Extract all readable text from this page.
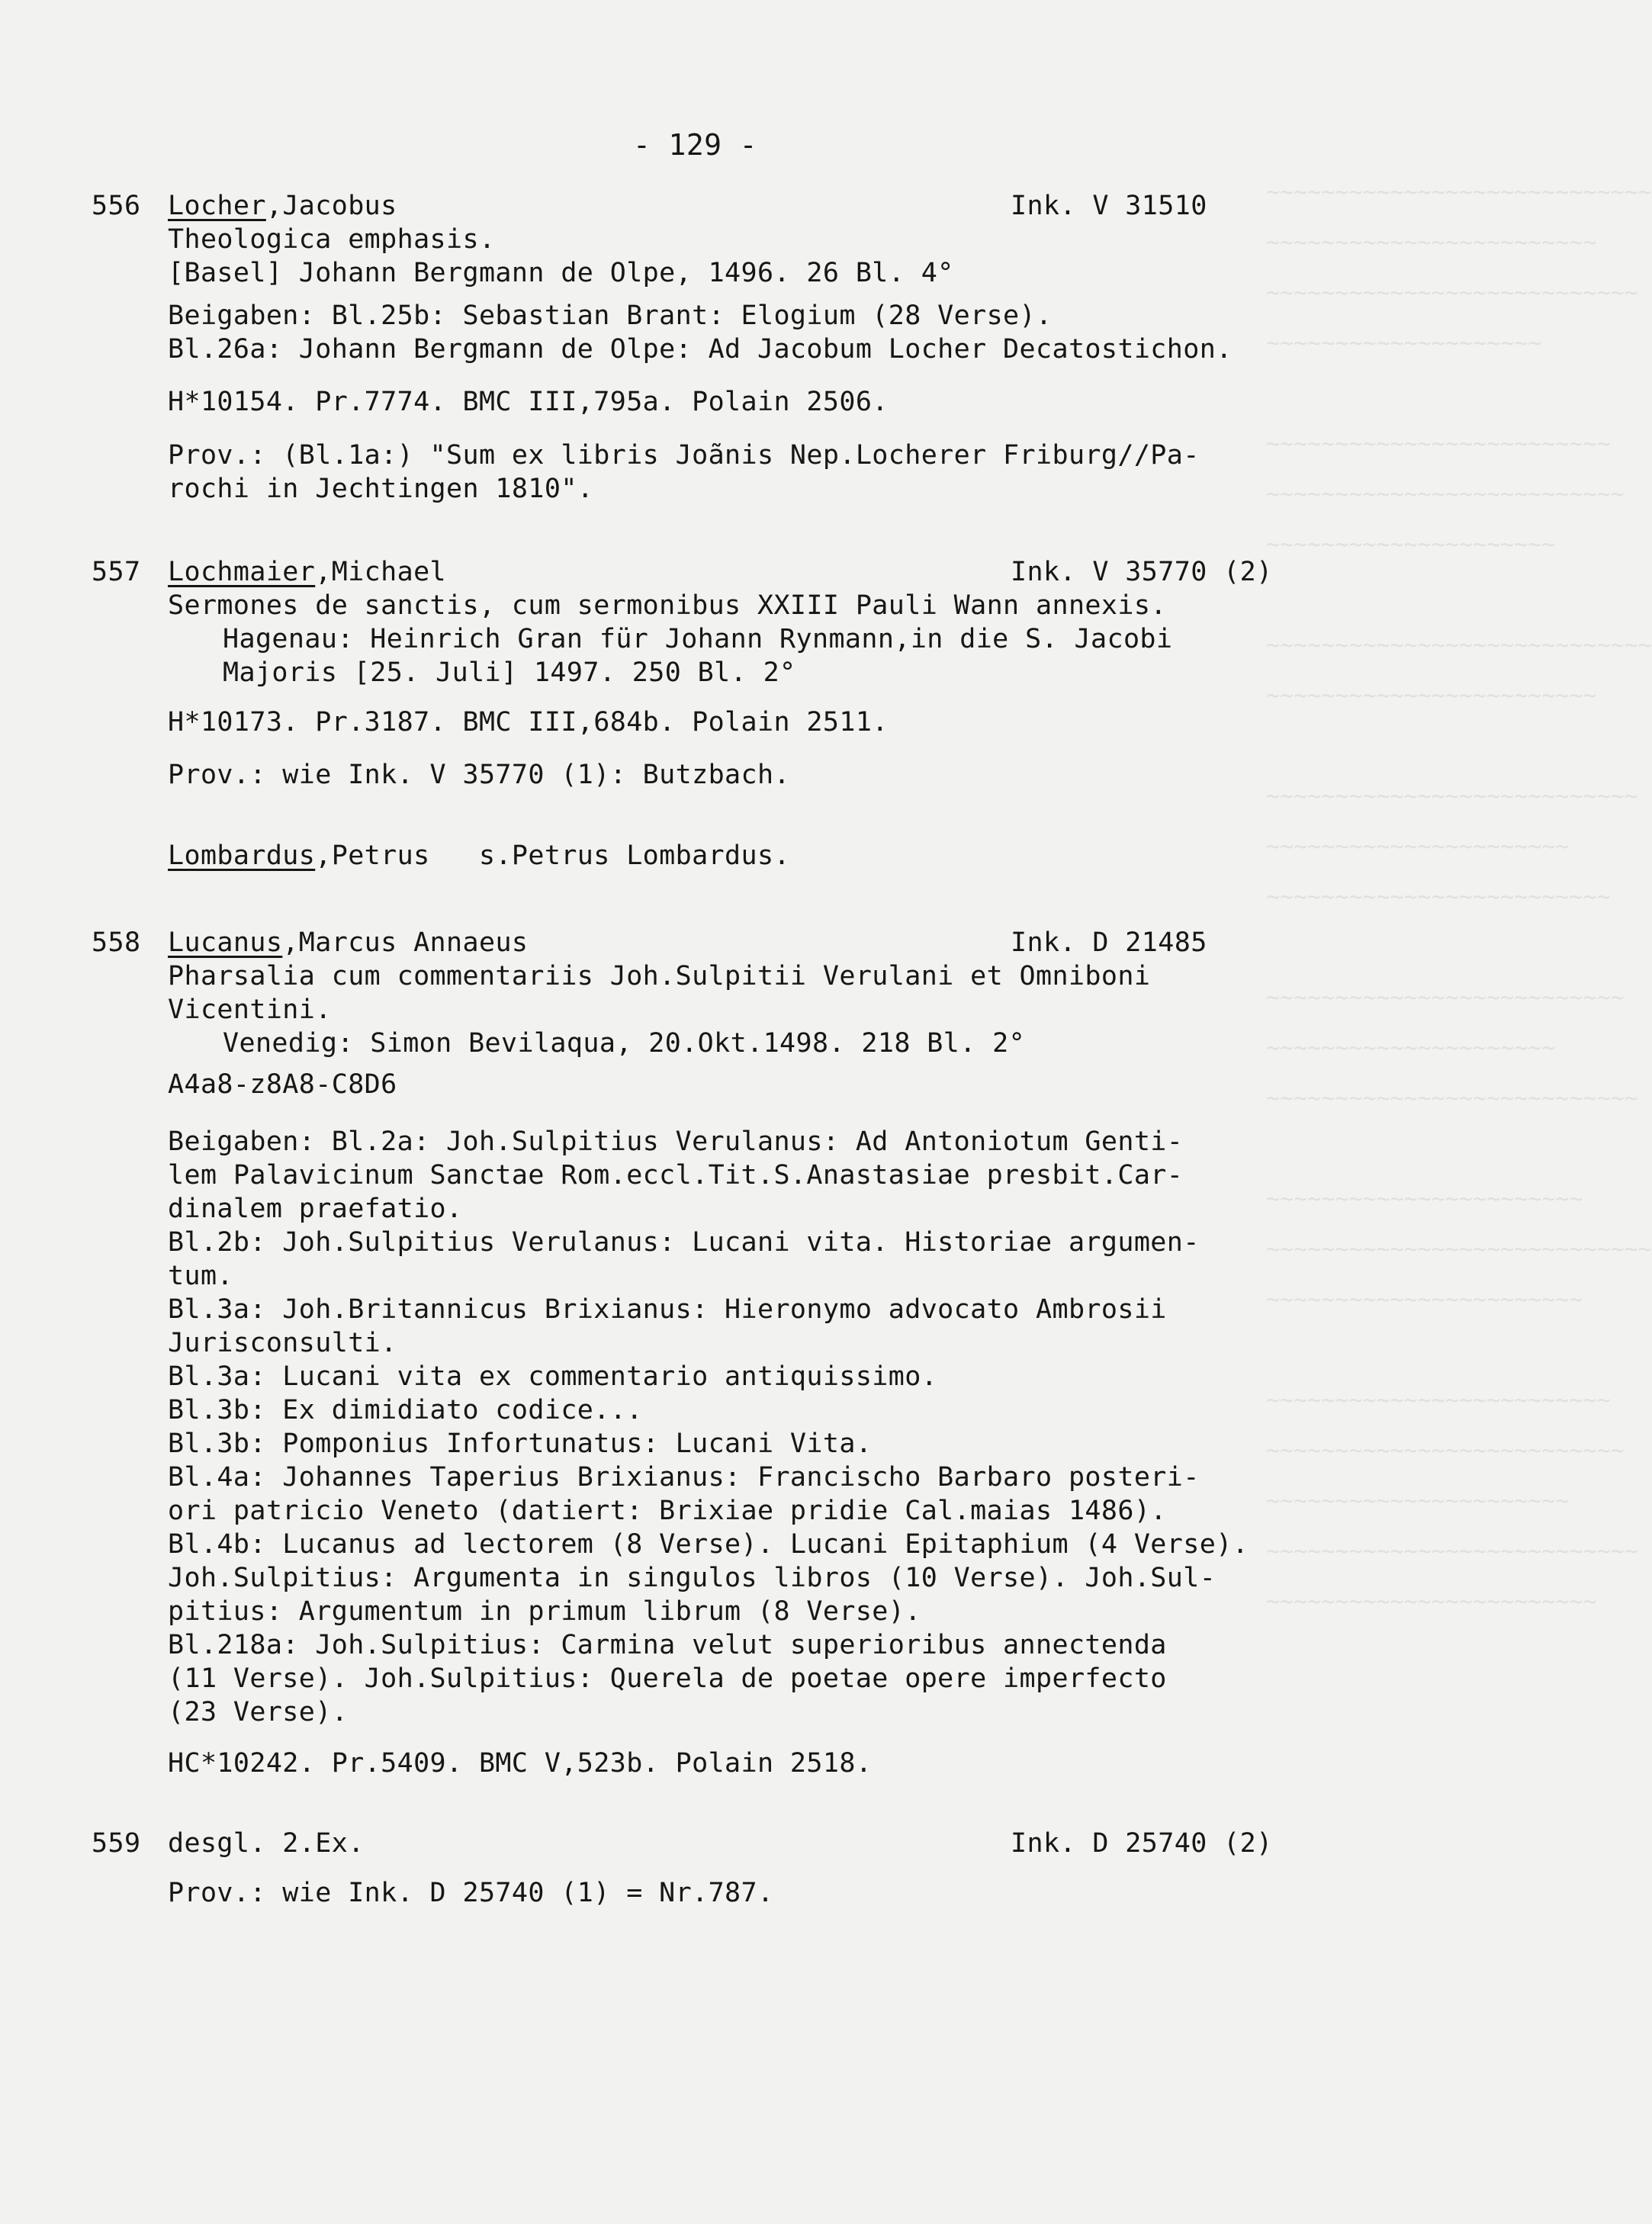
~~~~~~~~~~~~~~~~~~~~~~~~~~~~
~~~~~~~~~~~~~~~~~~~~~~~~
~~~~~~~~~~~~~~~~~~~~~~~~~~~
~~~~~~~~~~~~~~~~~~~~

~~~~~~~~~~~~~~~~~~~~~~~~~
~~~~~~~~~~~~~~~~~~~~~~~~~~
~~~~~~~~~~~~~~~~~~~~~

~~~~~~~~~~~~~~~~~~~~~~~~~~~~
~~~~~~~~~~~~~~~~~~~~~~~~

~~~~~~~~~~~~~~~~~~~~~~~~~~~
~~~~~~~~~~~~~~~~~~~~~~
~~~~~~~~~~~~~~~~~~~~~~~~~

~~~~~~~~~~~~~~~~~~~~~~~~~~
~~~~~~~~~~~~~~~~~~~~~
~~~~~~~~~~~~~~~~~~~~~~~~~~~

~~~~~~~~~~~~~~~~~~~~~~~
~~~~~~~~~~~~~~~~~~~~~~~~~~~~
~~~~~~~~~~~~~~~~~~~~~~~

~~~~~~~~~~~~~~~~~~~~~~~~~
~~~~~~~~~~~~~~~~~~~~~~~~~~
~~~~~~~~~~~~~~~~~~~~~~
~~~~~~~~~~~~~~~~~~~~~~~~~~~
~~~~~~~~~~~~~~~~~~~~~~~~
- 129 -
556 Locher,Jacobus	Ink. V 31510
Theologica emphasis.
[Basel] Johann Bergmann de Olpe, 1496. 26 Bl. 4°
Beigaben: Bl.25b: Sebastian Brant: Elogium (28 Verse).
Bl.26a: Johann Bergmann de Olpe: Ad Jacobum Locher Decatostichon.
H*10154. Pr.7774. BMC III,795a. Polain 2506.
Prov.: (Bl.1a:) "Sum ex libris Joãnis Nep.Locherer Friburg//Pa-
rochi in Jechtingen 1810".
557 Lochmaier,Michael	Ink. V 35770 (2)
Sermones de sanctis, cum sermonibus XXIII Pauli Wann annexis.
Hagenau: Heinrich Gran für Johann Rynmann,in die S. Jacobi
Majoris [25. Juli] 1497. 250 Bl. 2°
H*10173. Pr.3187. BMC III,684b. Polain 2511.
Prov.: wie Ink. V 35770 (1): Butzbach.
Lombardus,Petrus   s.Petrus Lombardus.
558 Lucanus,Marcus Annaeus	Ink. D 21485
Pharsalia cum commentariis Joh.Sulpitii Verulani et Omniboni
Vicentini.
Venedig: Simon Bevilaqua, 20.Okt.1498. 218 Bl. 2°
A4a8-z8A8-C8D6
Beigaben: Bl.2a: Joh.Sulpitius Verulanus: Ad Antoniotum Genti-
lem Palavicinum Sanctae Rom.eccl.Tit.S.Anastasiae presbit.Car-
dinalem praefatio.
Bl.2b: Joh.Sulpitius Verulanus: Lucani vita. Historiae argumen-
tum.
Bl.3a: Joh.Britannicus Brixianus: Hieronymo advocato Ambrosii
Jurisconsulti.
Bl.3a: Lucani vita ex commentario antiquissimo.
Bl.3b: Ex dimidiato codice...
Bl.3b: Pomponius Infortunatus: Lucani Vita.
Bl.4a: Johannes Taperius Brixianus: Francischo Barbaro posteri-
ori patricio Veneto (datiert: Brixiae pridie Cal.maias 1486).
Bl.4b: Lucanus ad lectorem (8 Verse). Lucani Epitaphium (4 Verse).
Joh.Sulpitius: Argumenta in singulos libros (10 Verse). Joh.Sul-
pitius: Argumentum in primum librum (8 Verse).
Bl.218a: Joh.Sulpitius: Carmina velut superioribus annectenda
(11 Verse). Joh.Sulpitius: Querela de poetae opere imperfecto
(23 Verse).
HC*10242. Pr.5409. BMC V,523b. Polain 2518.
559 desgl. 2.Ex.	Ink. D 25740 (2)
Prov.: wie Ink. D 25740 (1) = Nr.787.
